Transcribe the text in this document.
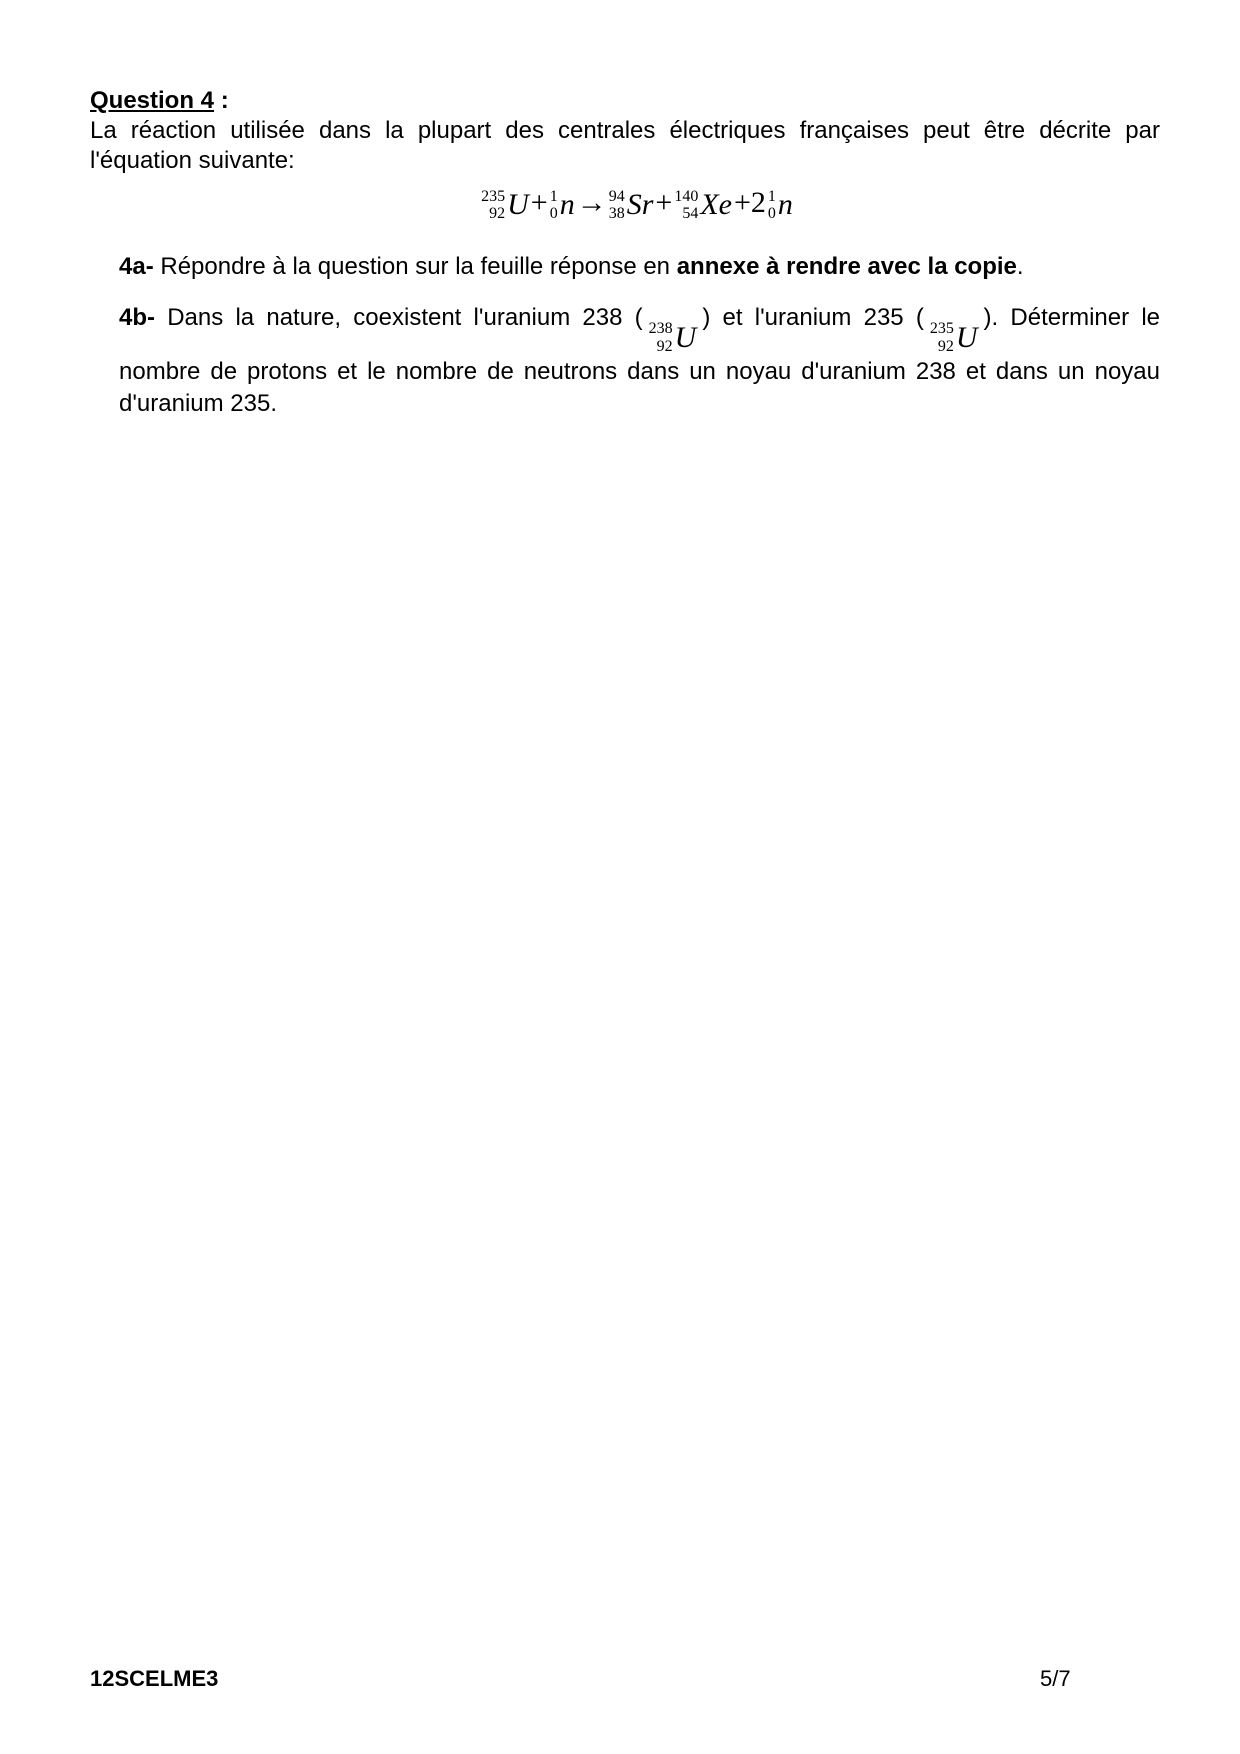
Question 4 :
La réaction utilisée dans la plupart des centrales électriques françaises peut être décrite par l'équation suivante:
235
92 U + 1
0 n → 94
38 Sr + 140
54 Xe +2 1
0 n
4a- Répondre à la question sur la feuille réponse en annexe à rendre avec la copie.
4b- Dans la nature, coexistent l'uranium 238 ( 238
92 U
) et l'uranium 235 ( 235
92 U
). Déterminer le nombre de protons et le nombre de neutrons dans un noyau d'uranium 238 et dans un noyau d'uranium 235.
12SCELME3	5/7
